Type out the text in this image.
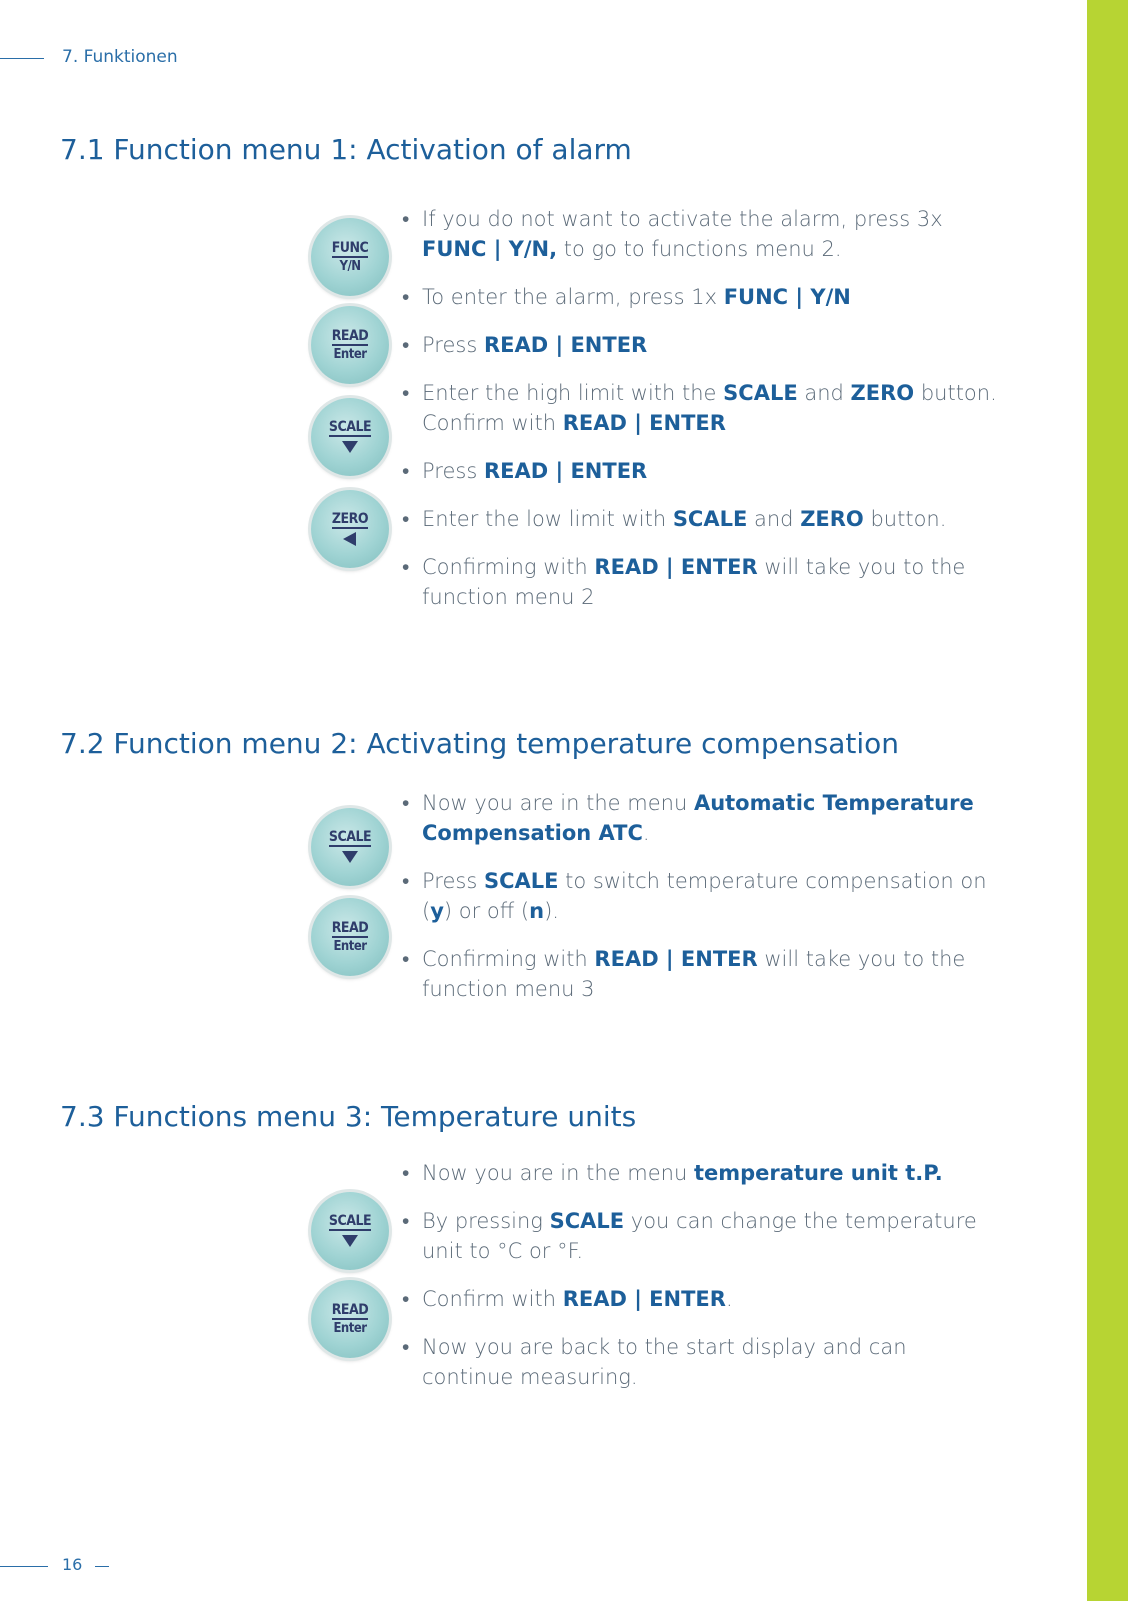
7. Funktionen
7.1 Function menu 1: Activation of alarm
• If you do not want to activate the alarm, press 3x FUNC | Y/N, to go to functions menu 2.
• To enter the alarm, press 1x FUNC | Y/N
• Press READ | ENTER
• Enter the high limit with the SCALE and ZERO button. Confirm with READ | ENTER
• Press READ | ENTER
• Enter the low limit with SCALE and ZERO button.
• Confirming with READ | ENTER will take you to the function menu 2
7.2 Function menu 2: Activating temperature compensation
• Now you are in the menu Automatic Temperature Compensation ATC.
• Press SCALE to switch temperature compensation on (y) or off (n).
• Confirming with READ | ENTER will take you to the function menu 3
7.3 Functions menu 3: Temperature units
• Now you are in the menu temperature unit t.P.
• By pressing SCALE you can change the temperature unit to °C or °F.
• Confirm with READ | ENTER.
• Now you are back to the start display and can continue measuring.
16
FUNC
Y/N
READ
Enter
SCALE
ZERO
SCALE
READ
Enter
SCALE
READ
Enter
